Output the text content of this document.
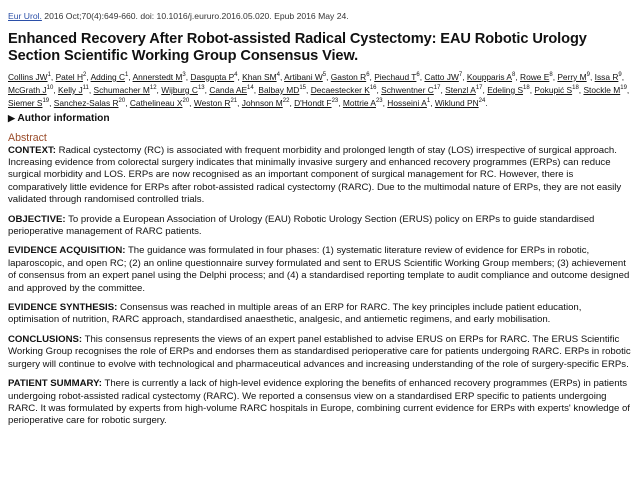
Eur Urol. 2016 Oct;70(4):649-660. doi: 10.1016/j.eururo.2016.05.020. Epub 2016 May 24.
Enhanced Recovery After Robot-assisted Radical Cystectomy: EAU Robotic Urology Section Scientific Working Group Consensus View.
Collins $JW^1$, Patel $H^2$, Adding $C^1$, Annerstedt $M^3$, Dasgupta $P^4$, Khan $SM^4$, Artibani $W^5$, Gaston $R^6$, Piechaud $T^6$, Catto $JW^7$, Koupparis $A^8$, Rowe $E^8$, Perry $M^9$, Issa $R^9$, McGrath $J^{10}$, Kelly $J^{11}$, Schumacher $M^{12}$, Wijburg $C^{13}$, Canda AE$^{14}$, Balbay MD$^{15}$, Decaestecker $K^{16}$, Schwentner $C^{17}$, Stenzl $A^{17}$, Edeling $S^{18}$, Pokupić $S^{18}$, Stockle $M^{19}$, Siemer $S^{19}$, Sanchez-Salas $R^{20}$, Cathelineau $X^{20}$, Weston $R^{21}$, Johnson $M^{22}$, D'Hondt $F^{23}$, Mottrie $A^{23}$, Hosseini $A^1$, Wiklund PN$^{24}$.
▶ Author information
Abstract

CONTEXT: Radical cystectomy (RC) is associated with frequent morbidity and prolonged length of stay (LOS) irrespective of surgical approach. Increasing evidence from colorectal surgery indicates that minimally invasive surgery and enhanced recovery programmes (ERPs) can reduce surgical morbidity and LOS. ERPs are now recognised as an important component of surgical management for RC. However, there is comparatively little evidence for ERPs after robot-assisted radical cystectomy (RARC). Due to the multimodal nature of ERPs, they are not easily validated through randomised controlled trials.

OBJECTIVE: To provide a European Association of Urology (EAU) Robotic Urology Section (ERUS) policy on ERPs to guide standardised perioperative management of RARC patients.

EVIDENCE ACQUISITION: The guidance was formulated in four phases: (1) systematic literature review of evidence for ERPs in robotic, laparoscopic, and open RC; (2) an online questionnaire survey formulated and sent to ERUS Scientific Working Group members; (3) achievement of consensus from an expert panel using the Delphi process; and (4) a standardised reporting template to audit compliance and outcome designed and approved by the committee.

EVIDENCE SYNTHESIS: Consensus was reached in multiple areas of an ERP for RARC. The key principles include patient education, optimisation of nutrition, RARC approach, standardised anaesthetic, analgesic, and antiemetic regimens, and early mobilisation.

CONCLUSIONS: This consensus represents the views of an expert panel established to advise ERUS on ERPs for RARC. The ERUS Scientific Working Group recognises the role of ERPs and endorses them as standardised perioperative care for patients undergoing RARC. ERPs in robotic surgery will continue to evolve with technological and pharmaceutical advances and increasing understanding of the role of surgery-specific ERPs.

PATIENT SUMMARY: There is currently a lack of high-level evidence exploring the benefits of enhanced recovery programmes (ERPs) in patients undergoing robot-assisted radical cystectomy (RARC). We reported a consensus view on a standardised ERP specific to patients undergoing RARC. It was formulated by experts from high-volume RARC hospitals in Europe, combining current evidence for ERPs with experts' knowledge of perioperative care for robotic surgery.
